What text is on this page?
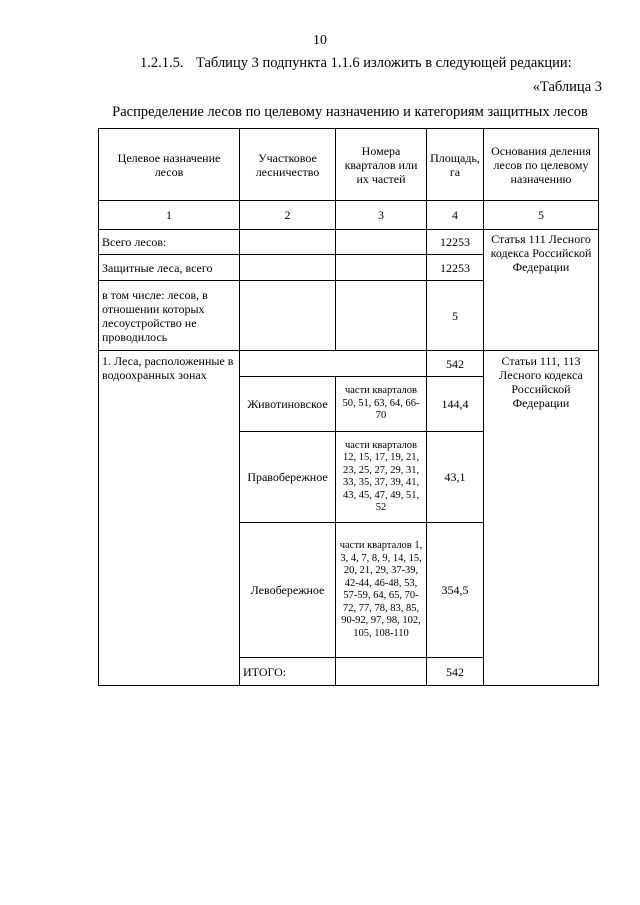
10
1.2.1.5. Таблицу 3 подпункта 1.1.6 изложить в следующей редакции:
«Таблица 3
Распределение лесов по целевому назначению и категориям защитных лесов
Целевое назначение лесов	Участковое лесничество	Номера кварталов или их частей	Площадь, га	Основания деления лесов по целевому назначению
1	2	3	4	5
Всего лесов:			12253	Статья 111 Лесного кодекса Российской Федерации
Защитные леса, всего			12253	
в том числе: лесов, в отношении которых лесоустройство не проводилось			5	
1. Леса, расположенные в водоохранных зонах			542	Статьи 111, 113 Лесного кодекса Российской Федерации
	Животиновское	части кварталов 50, 51, 63, 64, 66-70	144,4	
	Правобережное	части кварталов 12, 15, 17, 19, 21, 23, 25, 27, 29, 31, 33, 35, 37, 39, 41, 43, 45, 47, 49, 51, 52	43,1	
	Левобережное	части кварталов 1, 3, 4, 7, 8, 9, 14, 15, 20, 21, 29, 37-39, 42-44, 46-48, 53, 57-59, 64, 65, 70-72, 77, 78, 83, 85, 90-92, 97, 98, 102, 105, 108-110	354,5	
	ИТОГО:		542	
